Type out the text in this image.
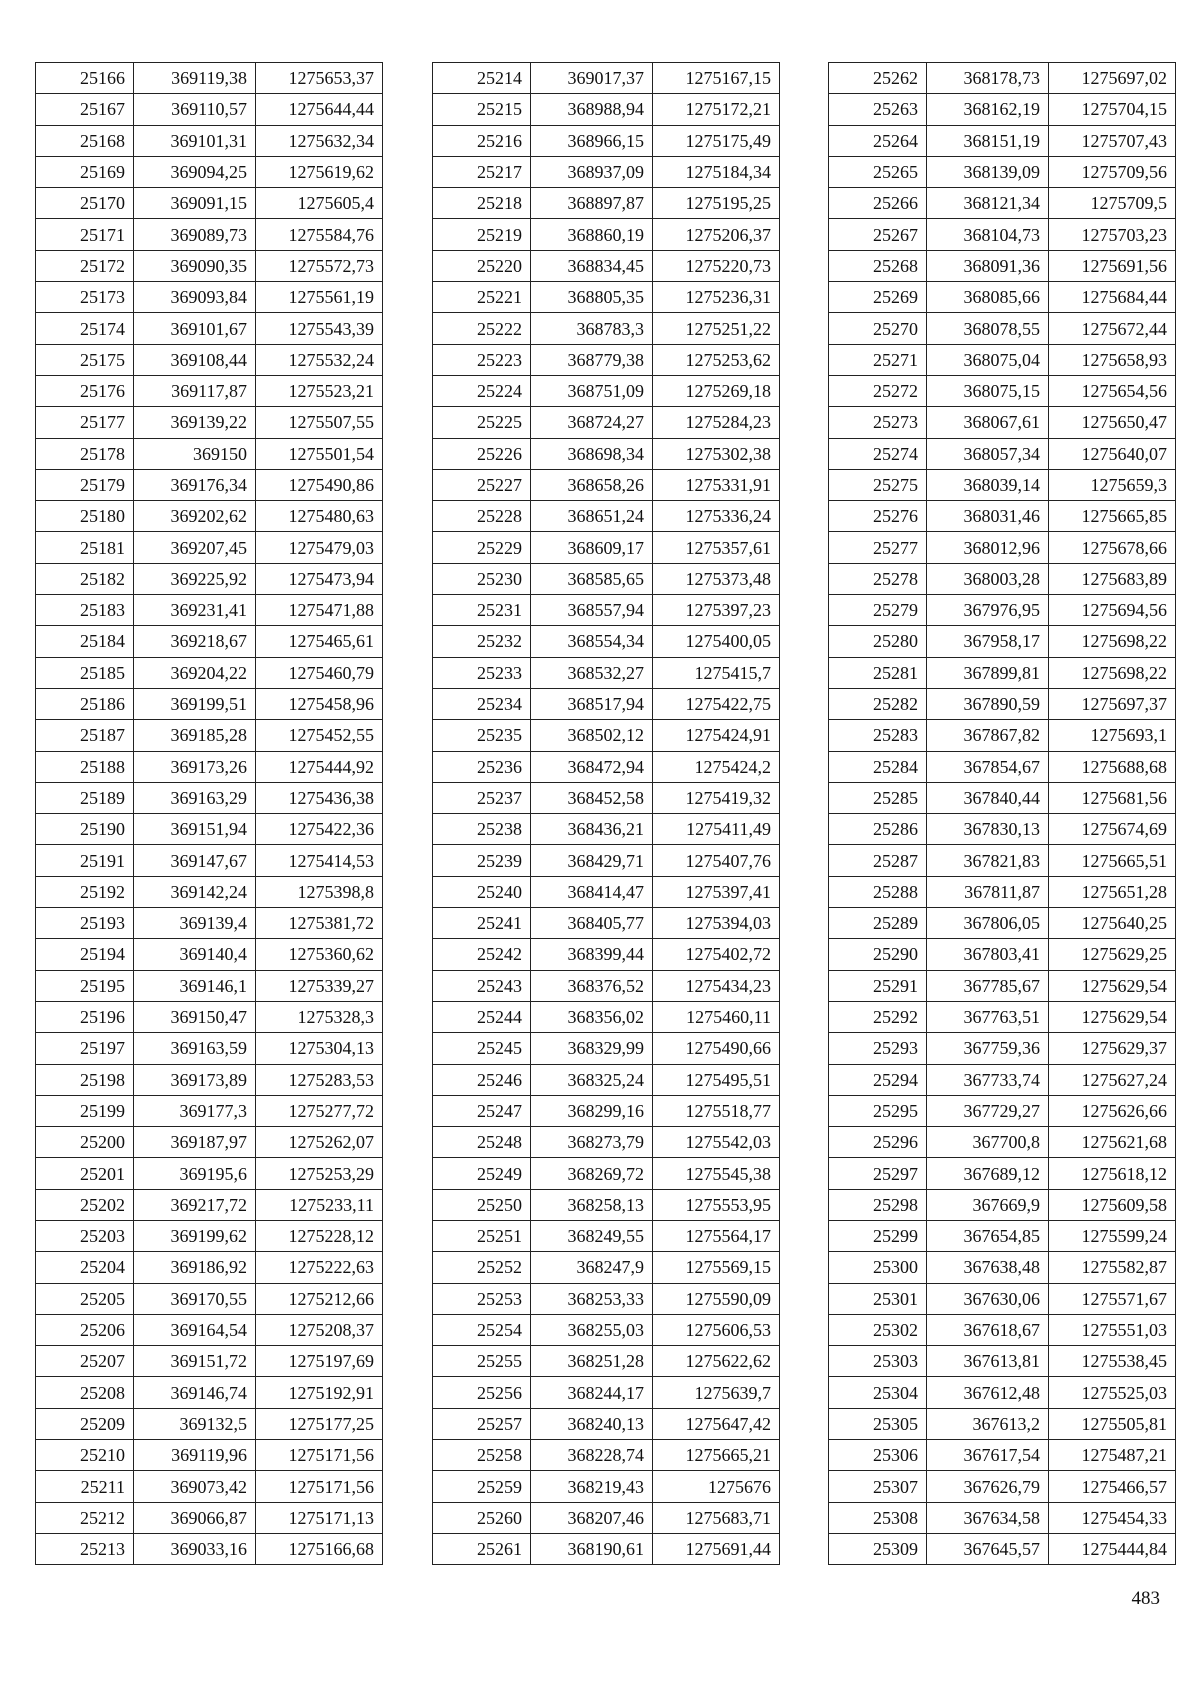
25166	369119,38	1275653,37
25167	369110,57	1275644,44
25168	369101,31	1275632,34
25169	369094,25	1275619,62
25170	369091,15	1275605,4
25171	369089,73	1275584,76
25172	369090,35	1275572,73
25173	369093,84	1275561,19
25174	369101,67	1275543,39
25175	369108,44	1275532,24
25176	369117,87	1275523,21
25177	369139,22	1275507,55
25178	369150	1275501,54
25179	369176,34	1275490,86
25180	369202,62	1275480,63
25181	369207,45	1275479,03
25182	369225,92	1275473,94
25183	369231,41	1275471,88
25184	369218,67	1275465,61
25185	369204,22	1275460,79
25186	369199,51	1275458,96
25187	369185,28	1275452,55
25188	369173,26	1275444,92
25189	369163,29	1275436,38
25190	369151,94	1275422,36
25191	369147,67	1275414,53
25192	369142,24	1275398,8
25193	369139,4	1275381,72
25194	369140,4	1275360,62
25195	369146,1	1275339,27
25196	369150,47	1275328,3
25197	369163,59	1275304,13
25198	369173,89	1275283,53
25199	369177,3	1275277,72
25200	369187,97	1275262,07
25201	369195,6	1275253,29
25202	369217,72	1275233,11
25203	369199,62	1275228,12
25204	369186,92	1275222,63
25205	369170,55	1275212,66
25206	369164,54	1275208,37
25207	369151,72	1275197,69
25208	369146,74	1275192,91
25209	369132,5	1275177,25
25210	369119,96	1275171,56
25211	369073,42	1275171,56
25212	369066,87	1275171,13
25213	369033,16	1275166,68
25214	369017,37	1275167,15
25215	368988,94	1275172,21
25216	368966,15	1275175,49
25217	368937,09	1275184,34
25218	368897,87	1275195,25
25219	368860,19	1275206,37
25220	368834,45	1275220,73
25221	368805,35	1275236,31
25222	368783,3	1275251,22
25223	368779,38	1275253,62
25224	368751,09	1275269,18
25225	368724,27	1275284,23
25226	368698,34	1275302,38
25227	368658,26	1275331,91
25228	368651,24	1275336,24
25229	368609,17	1275357,61
25230	368585,65	1275373,48
25231	368557,94	1275397,23
25232	368554,34	1275400,05
25233	368532,27	1275415,7
25234	368517,94	1275422,75
25235	368502,12	1275424,91
25236	368472,94	1275424,2
25237	368452,58	1275419,32
25238	368436,21	1275411,49
25239	368429,71	1275407,76
25240	368414,47	1275397,41
25241	368405,77	1275394,03
25242	368399,44	1275402,72
25243	368376,52	1275434,23
25244	368356,02	1275460,11
25245	368329,99	1275490,66
25246	368325,24	1275495,51
25247	368299,16	1275518,77
25248	368273,79	1275542,03
25249	368269,72	1275545,38
25250	368258,13	1275553,95
25251	368249,55	1275564,17
25252	368247,9	1275569,15
25253	368253,33	1275590,09
25254	368255,03	1275606,53
25255	368251,28	1275622,62
25256	368244,17	1275639,7
25257	368240,13	1275647,42
25258	368228,74	1275665,21
25259	368219,43	1275676
25260	368207,46	1275683,71
25261	368190,61	1275691,44
25262	368178,73	1275697,02
25263	368162,19	1275704,15
25264	368151,19	1275707,43
25265	368139,09	1275709,56
25266	368121,34	1275709,5
25267	368104,73	1275703,23
25268	368091,36	1275691,56
25269	368085,66	1275684,44
25270	368078,55	1275672,44
25271	368075,04	1275658,93
25272	368075,15	1275654,56
25273	368067,61	1275650,47
25274	368057,34	1275640,07
25275	368039,14	1275659,3
25276	368031,46	1275665,85
25277	368012,96	1275678,66
25278	368003,28	1275683,89
25279	367976,95	1275694,56
25280	367958,17	1275698,22
25281	367899,81	1275698,22
25282	367890,59	1275697,37
25283	367867,82	1275693,1
25284	367854,67	1275688,68
25285	367840,44	1275681,56
25286	367830,13	1275674,69
25287	367821,83	1275665,51
25288	367811,87	1275651,28
25289	367806,05	1275640,25
25290	367803,41	1275629,25
25291	367785,67	1275629,54
25292	367763,51	1275629,54
25293	367759,36	1275629,37
25294	367733,74	1275627,24
25295	367729,27	1275626,66
25296	367700,8	1275621,68
25297	367689,12	1275618,12
25298	367669,9	1275609,58
25299	367654,85	1275599,24
25300	367638,48	1275582,87
25301	367630,06	1275571,67
25302	367618,67	1275551,03
25303	367613,81	1275538,45
25304	367612,48	1275525,03
25305	367613,2	1275505,81
25306	367617,54	1275487,21
25307	367626,79	1275466,57
25308	367634,58	1275454,33
25309	367645,57	1275444,84
483
